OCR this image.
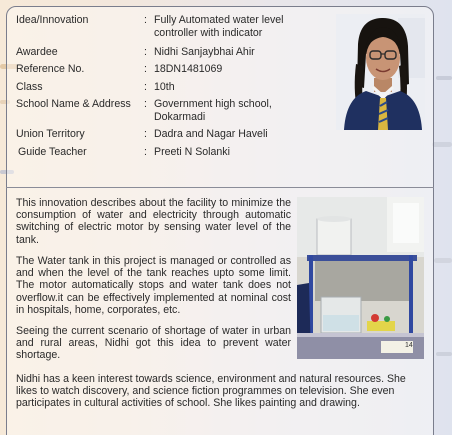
Idea/Innovation	: Fully Automated water level controller with indicator
Awardee	: Nidhi Sanjaybhai Ahir
Reference No.	: 18DN1481069
Class	: 10th
School Name & Address	: Government high school, Dokarmadi
Union Territory	: Dadra and Nagar Haveli
Guide Teacher	: Preeti N Solanki
14

This innovation describes about the facility to minimize the consumption of water and electricity through automatic switching of electric motor by sensing water level of the tank.

The Water tank in this project is managed or controlled as and when the level of the tank reaches upto some limit. The motor automatically stops and water tank does not overflow.it can be effectively implemented at nominal cost in hospitals, home, corporates, etc.

Seeing the current scenario of shortage of water in urban and rural areas, Nidhi got this idea to prevent water shortage.

Nidhi has a keen interest towards science, environment and natural resources. She likes to watch discovery, and science fiction programmes on television. She even participates in cultural activities of school. She likes painting and drawing.
